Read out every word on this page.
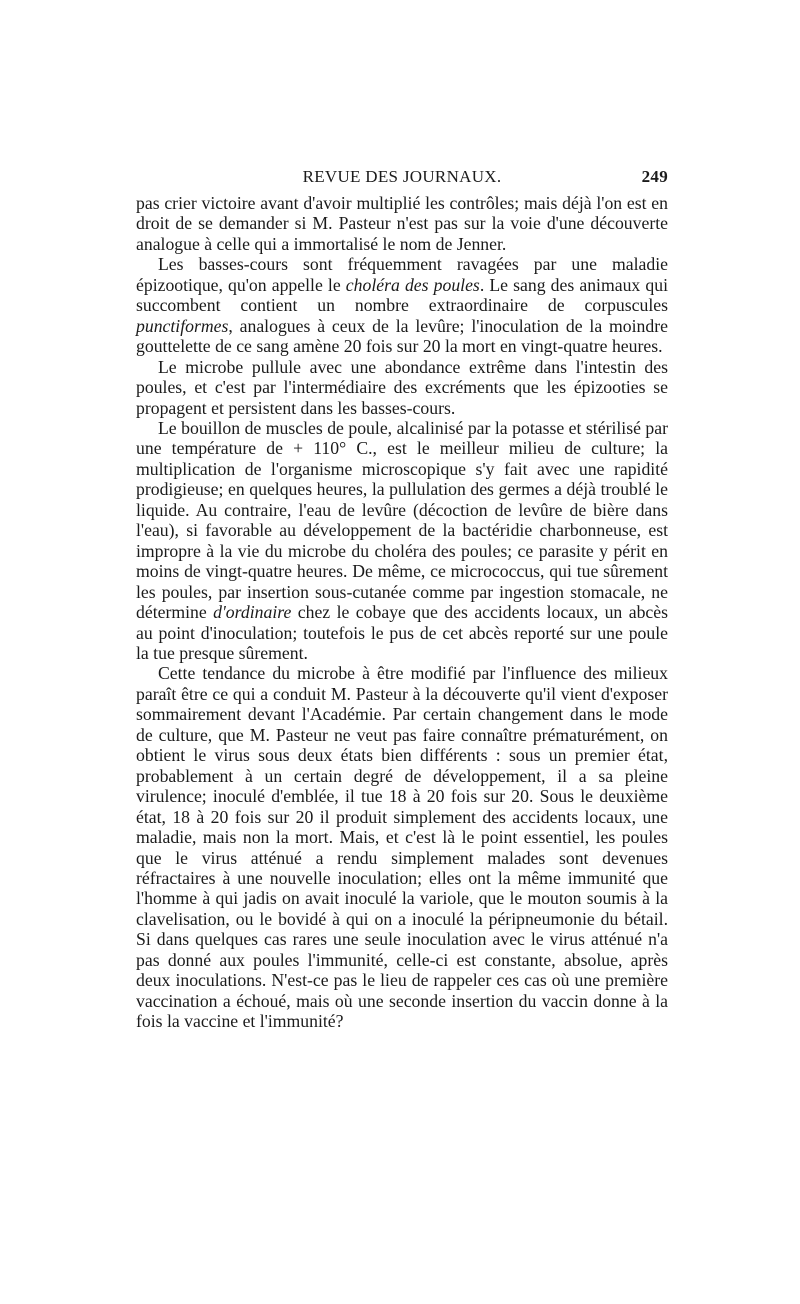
REVUE DES JOURNAUX.	249

pas crier victoire avant d'avoir multiplié les contrôles; mais déjà l'on est en droit de se demander si M. Pasteur n'est pas sur la voie d'une découverte analogue à celle qui a immortalisé le nom de Jenner.

Les basses-cours sont fréquemment ravagées par une maladie épizootique, qu'on appelle le choléra des poules. Le sang des animaux qui succombent contient un nombre extraordinaire de corpuscules punctiformes, analogues à ceux de la levûre; l'inoculation de la moindre gouttelette de ce sang amène 20 fois sur 20 la mort en vingt-quatre heures.

Le microbe pullule avec une abondance extrême dans l'intestin des poules, et c'est par l'intermédiaire des excréments que les épizooties se propagent et persistent dans les basses-cours.

Le bouillon de muscles de poule, alcalinisé par la potasse et stérilisé par une température de + 110° C., est le meilleur milieu de culture; la multiplication de l'organisme microscopique s'y fait avec une rapidité prodigieuse; en quelques heures, la pullulation des germes a déjà troublé le liquide. Au contraire, l'eau de levûre (décoction de levûre de bière dans l'eau), si favorable au développement de la bactéridie charbonneuse, est impropre à la vie du microbe du choléra des poules; ce parasite y périt en moins de vingt-quatre heures. De même, ce micrococcus, qui tue sûrement les poules, par insertion sous-cutanée comme par ingestion stomacale, ne détermine d'ordinaire chez le cobaye que des accidents locaux, un abcès au point d'inoculation; toutefois le pus de cet abcès reporté sur une poule la tue presque sûrement.

Cette tendance du microbe à être modifié par l'influence des milieux paraît être ce qui a conduit M. Pasteur à la découverte qu'il vient d'exposer sommairement devant l'Académie. Par certain changement dans le mode de culture, que M. Pasteur ne veut pas faire connaître prématurément, on obtient le virus sous deux états bien différents : sous un premier état, probablement à un certain degré de développement, il a sa pleine virulence; inoculé d'emblée, il tue 18 à 20 fois sur 20. Sous le deuxième état, 18 à 20 fois sur 20 il produit simplement des accidents locaux, une maladie, mais non la mort. Mais, et c'est là le point essentiel, les poules que le virus atténué a rendu simplement malades sont devenues réfractaires à une nouvelle inoculation; elles ont la même immunité que l'homme à qui jadis on avait inoculé la variole, que le mouton soumis à la clavelisation, ou le bovidé à qui on a inoculé la péripneumonie du bétail. Si dans quelques cas rares une seule inoculation avec le virus atténué n'a pas donné aux poules l'immunité, celle-ci est constante, absolue, après deux inoculations. N'est-ce pas le lieu de rappeler ces cas où une première vaccination a échoué, mais où une seconde insertion du vaccin donne à la fois la vaccine et l'immunité?
